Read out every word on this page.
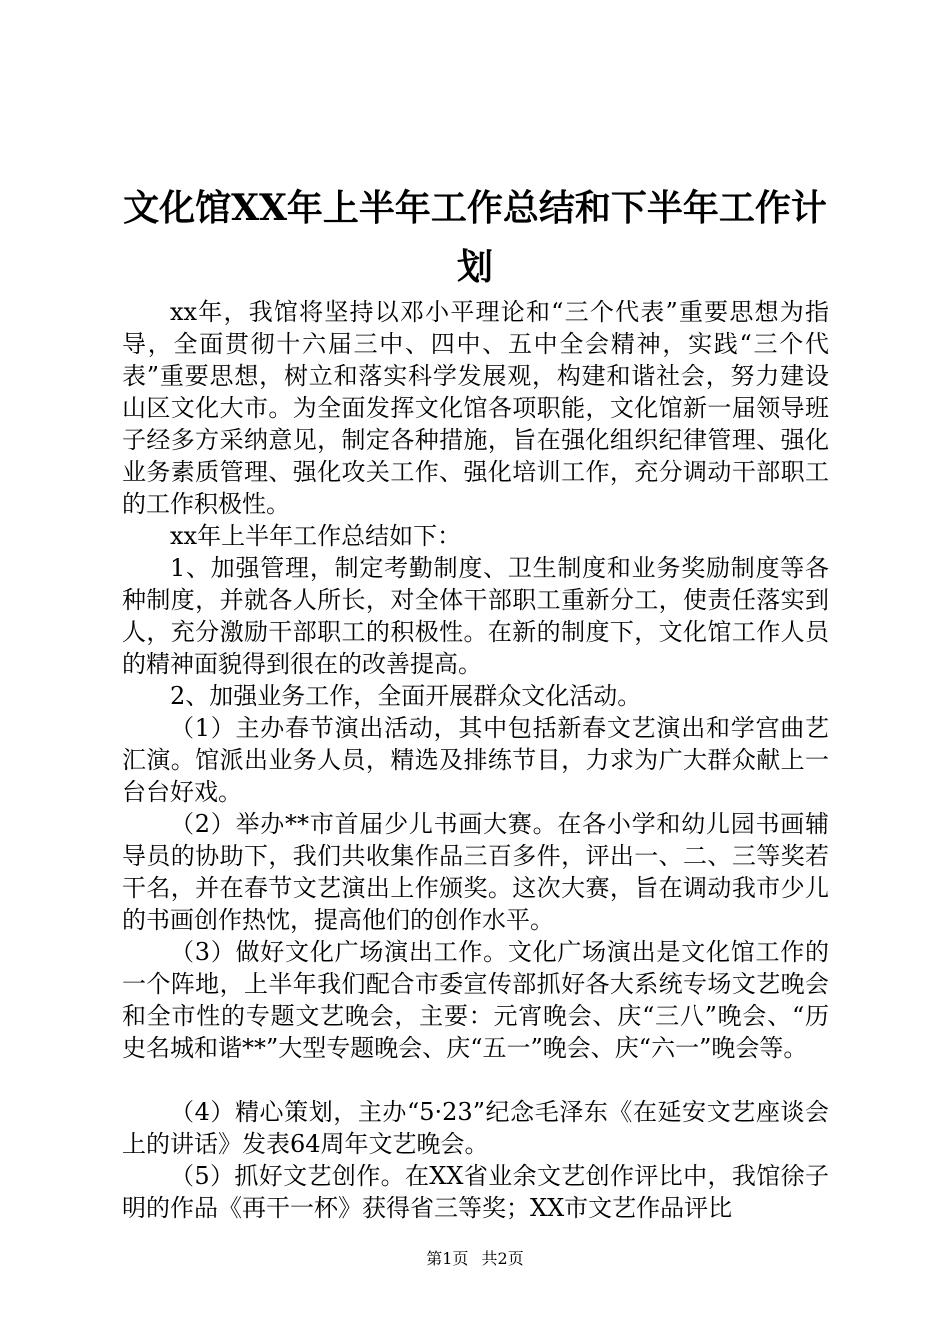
文化馆XX年上半年工作总结和下半年工作计
划

xx年，我馆将坚持以邓小平理论和“三个代表”重要思想为指导，全面贯彻十六届三中、四中、五中全会精神，实践“三个代表”重要思想，树立和落实科学发展观，构建和谐社会，努力建设山区文化大市。为全面发挥文化馆各项职能，文化馆新一届领导班子经多方采纳意见，制定各种措施，旨在强化组织纪律管理、强化业务素质管理、强化攻关工作、强化培训工作，充分调动干部职工的工作积极性。

xx年上半年工作总结如下：

1、加强管理，制定考勤制度、卫生制度和业务奖励制度等各种制度，并就各人所长，对全体干部职工重新分工，使责任落实到人，充分激励干部职工的积极性。在新的制度下，文化馆工作人员的精神面貌得到很在的改善提高。

2、加强业务工作，全面开展群众文化活动。

（1）主办春节演出活动，其中包括新春文艺演出和学宫曲艺汇演。馆派出业务人员，精选及排练节目，力求为广大群众献上一台台好戏。

（2）举办**市首届少儿书画大赛。在各小学和幼儿园书画辅导员的协助下，我们共收集作品三百多件，评出一、二、三等奖若干名，并在春节文艺演出上作颁奖。这次大赛，旨在调动我市少儿的书画创作热忱，提高他们的创作水平。

（3）做好文化广场演出工作。文化广场演出是文化馆工作的一个阵地，上半年我们配合市委宣传部抓好各大系统专场文艺晚会和全市性的专题文艺晚会，主要：元宵晚会、庆“三八”晚会、“历史名城和谐**”大型专题晚会、庆“五一”晚会、庆“六一”晚会等。

（4）精心策划，主办“5·23”纪念毛泽东《在延安文艺座谈会上的讲话》发表64周年文艺晚会。

（5）抓好文艺创作。在XX省业余文艺创作评比中，我馆徐子明的作品《再干一杯》获得省三等奖；XX市文艺作品评比

第1页 共2页
